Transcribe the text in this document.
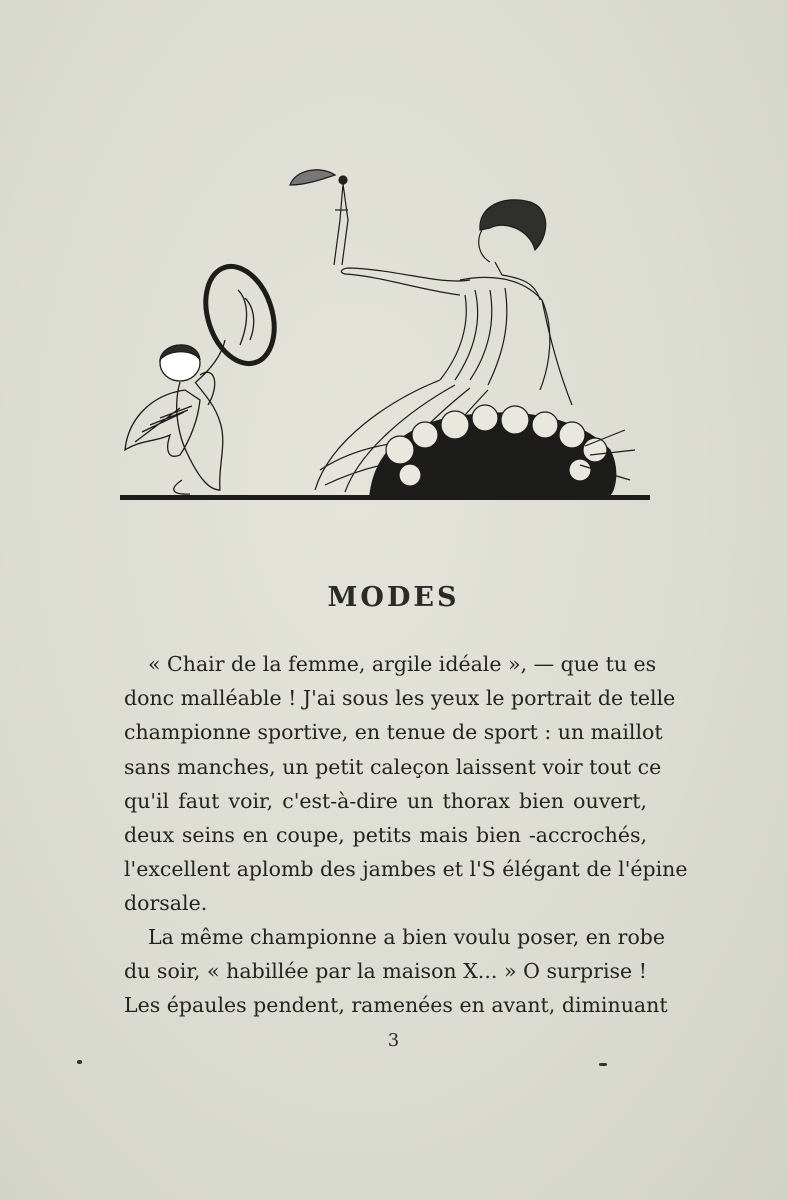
J.D. 1922
MODES
« Chair de la femme, argile idéale », — que tu es
donc malléable ! J'ai sous les yeux le portrait de telle
championne sportive, en tenue de sport : un maillot
sans manches, un petit caleçon laissent voir tout ce
qu'il faut voir, c'est-à-dire un thorax bien ouvert,
deux seins en coupe, petits mais bien -accrochés,
l'excellent aplomb des jambes et l'S élégant de l'épine
dorsale.
La même championne a bien voulu poser, en robe
du soir, « habillée par la maison X... » O surprise !
Les épaules pendent, ramenées en avant, diminuant
3
